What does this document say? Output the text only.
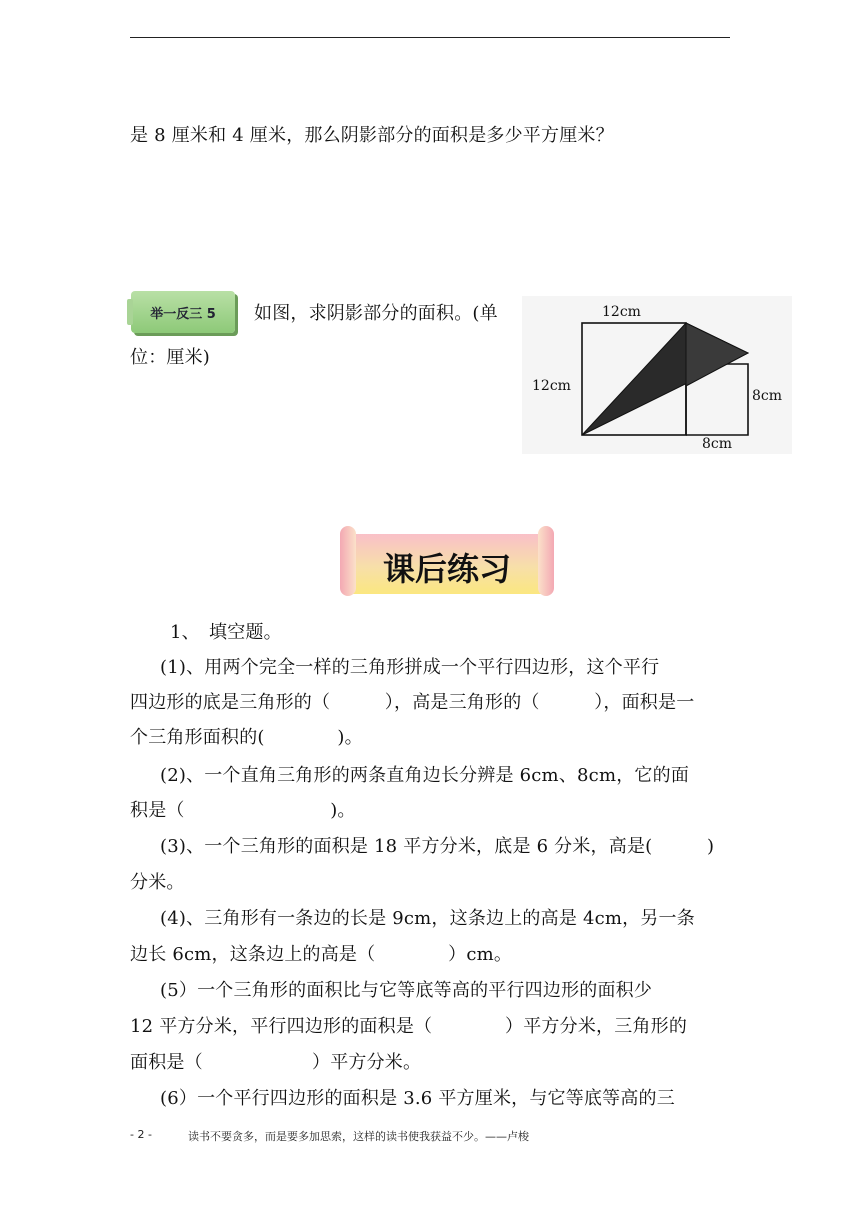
是 8 厘米和 4 厘米，那么阴影部分的面积是多少平方厘米？
举一反三 5	如图，求阴影部分的面积。(单
位：厘米)
12cm
12cm
8cm
8cm
课后练习
1、　填空题。
(1)、用两个完全一样的三角形拼成一个平行四边形，这个平行
四边形的底是三角形的（　　　），高是三角形的（　　　），面积是一
个三角形面积的(　　　　)。
(2)、一个直角三角形的两条直角边长分辨是 6cm、8cm，它的面
积是（　　　　　　　　)。
(3)、一个三角形的面积是 18 平方分米，底是 6 分米，高是(　　　)
分米。
(4)、三角形有一条边的长是 9cm，这条边上的高是 4cm，另一条
边长 6cm，这条边上的高是（　　　　）cm。
(5）一个三角形的面积比与它等底等高的平行四边形的面积少
12 平方分米，平行四边形的面积是（　　　　）平方分米，三角形的
面积是（　　　　　　）平方分米。
(6）一个平行四边形的面积是 3.6 平方厘米，与它等底等高的三
- 2 -	读书不要贪多，而是要多加思索，这样的读书使我获益不少。——卢梭
